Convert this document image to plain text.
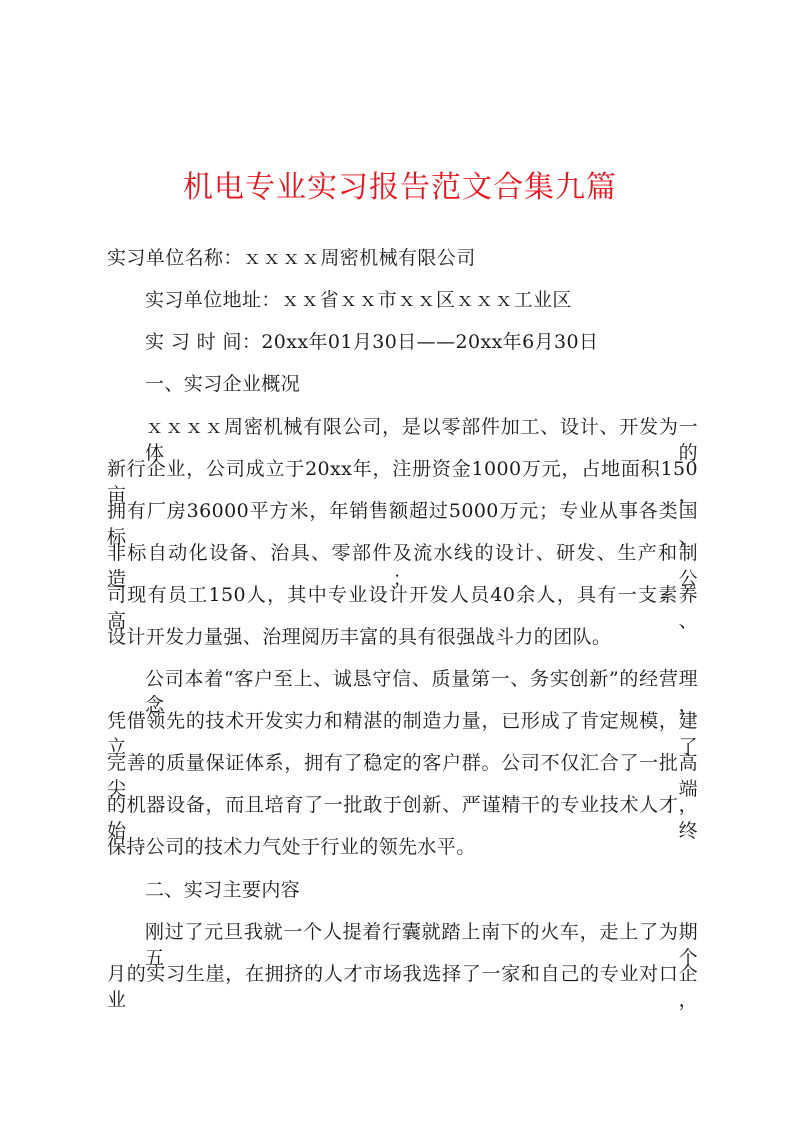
机电专业实习报告范文合集九篇
实习单位名称：ｘｘｘｘ周密机械有限公司
实习单位地址：ｘｘ省ｘｘ市ｘｘ区ｘｘｘ工业区
实 习 时 间：20xx年01月30日——20xx年6月30日
一、实习企业概况
ｘｘｘｘ周密机械有限公司，是以零部件加工、设计、开发为一体的
新行企业，公司成立于20xx年，注册资金1000万元，占地面积150亩，
拥有厂房36000平方米，年销售额超过5000万元；专业从事各类国标、
非标自动化设备、治具、零部件及流水线的设计、研发、生产和制造；公
司现有员工150人，其中专业设计开发人员40余人，具有一支素养高、
设计开发力量强、治理阅历丰富的具有很强战斗力的团队。
公司本着“客户至上、诚恳守信、质量第一、务实创新”的经营理念，
凭借领先的技术开发实力和精湛的制造力量，已形成了肯定规模，建立了
完善的质量保证体系，拥有了稳定的客户群。公司不仅汇合了一批高尖端
的机器设备，而且培育了一批敢于创新、严谨精干的专业技术人才，始终
保持公司的技术力气处于行业的领先水平。
二、实习主要内容
刚过了元旦我就一个人提着行囊就踏上南下的火车，走上了为期五个
月的实习生崖，在拥挤的人才市场我选择了一家和自己的专业对口企业，
